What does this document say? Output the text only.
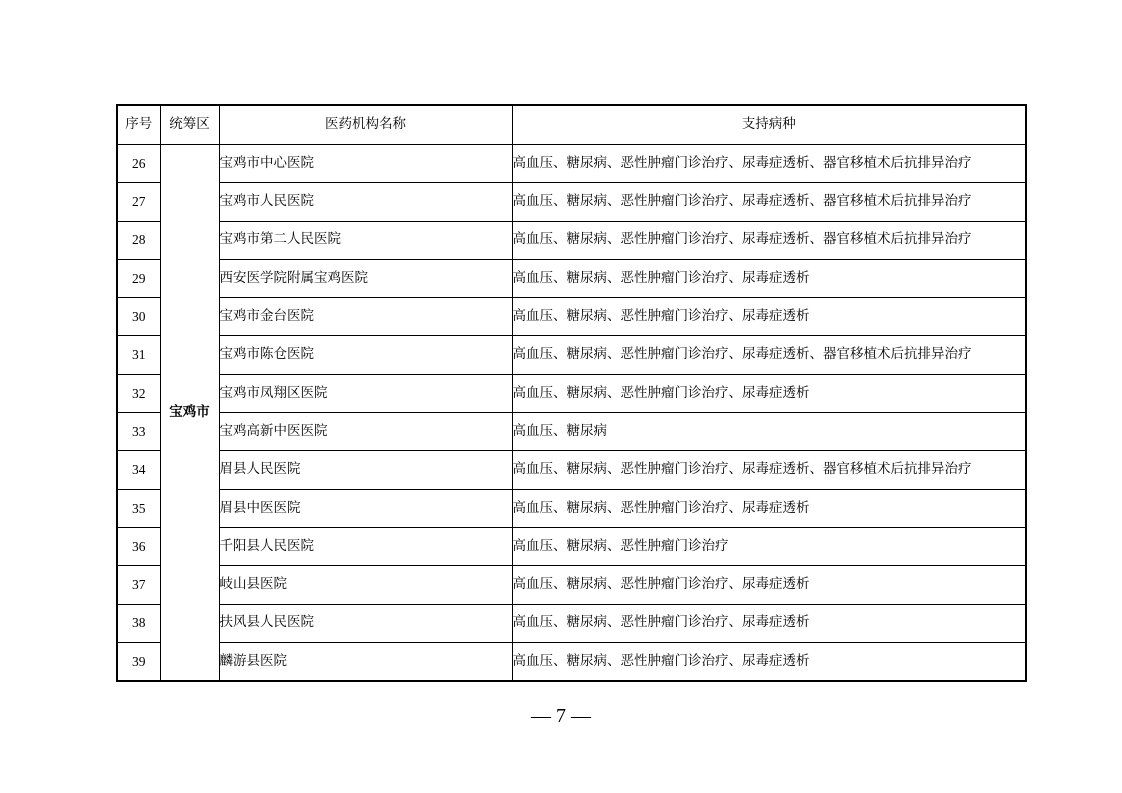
序号	统筹区	医药机构名称	支持病种
26	宝鸡市	宝鸡市中心医院	高血压、糖尿病、恶性肿瘤门诊治疗、尿毒症透析、器官移植术后抗排异治疗
27		宝鸡市人民医院	高血压、糖尿病、恶性肿瘤门诊治疗、尿毒症透析、器官移植术后抗排异治疗
28		宝鸡市第二人民医院	高血压、糖尿病、恶性肿瘤门诊治疗、尿毒症透析、器官移植术后抗排异治疗
29		西安医学院附属宝鸡医院	高血压、糖尿病、恶性肿瘤门诊治疗、尿毒症透析
30		宝鸡市金台医院	高血压、糖尿病、恶性肿瘤门诊治疗、尿毒症透析
31		宝鸡市陈仓医院	高血压、糖尿病、恶性肿瘤门诊治疗、尿毒症透析、器官移植术后抗排异治疗
32		宝鸡市凤翔区医院	高血压、糖尿病、恶性肿瘤门诊治疗、尿毒症透析
33		宝鸡高新中医医院	高血压、糖尿病
34		眉县人民医院	高血压、糖尿病、恶性肿瘤门诊治疗、尿毒症透析、器官移植术后抗排异治疗
35		眉县中医医院	高血压、糖尿病、恶性肿瘤门诊治疗、尿毒症透析
36		千阳县人民医院	高血压、糖尿病、恶性肿瘤门诊治疗
37		岐山县医院	高血压、糖尿病、恶性肿瘤门诊治疗、尿毒症透析
38		扶风县人民医院	高血压、糖尿病、恶性肿瘤门诊治疗、尿毒症透析
39		麟游县医院	高血压、糖尿病、恶性肿瘤门诊治疗、尿毒症透析
— 7 —
